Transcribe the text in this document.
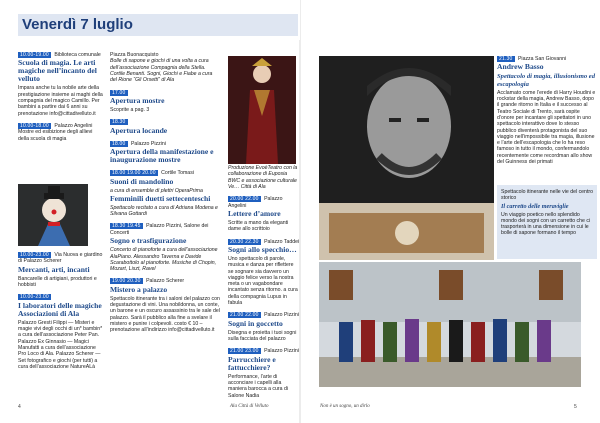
Venerdì 7 luglio
10.00-19.00 Biblioteca comunale
Scuola di magia. Le arti magiche nell’incanto del velluto
Impara anche tu la nobile arte della prestigiazione insieme ai maghi della compagnia del magico Camillo. Per bambini a partire dai 6 anni su prenotazione info@cittadivelluto.it
10.00-18.00 Palazzo Angelini
Mostre ed esibizione degli allievi della scuola di magia
10.00-23.00 Via Nuova e giardino di Palazzo Scherer
Mercanti, arti, incanti
Bancarelle di artigiani, produttori e hobbisti
10.00-23.00
I laboratori delle magiche Associazioni di Ala
Palazzo Gresti Filippi — Misteri e magie vivi degli occhi di un* bambin* a cura dell’associazione Peter Pan. Palazzo Ex Ginnasio — Magici Manufatti a cura dell’associazione Pro Loco di Ala. Palazzo Scherer — Set fotografico e giochi (per tutti) a cura dell’associazione NatureALà
Piazza Buonacquisto
Bolle di sapone e giochi di una volta a cura dell’associazione Compagnia della Stella. Cortile Benanti. Sogni, Giochi e Fiabe a cura del Rione “Gli Orsetti” di Ala
17.00
Apertura mostre
Scoprite a pag. 3
18.30
Apertura locande
18.00 Palazzo Pizzini
Apertura della manifestazione e inaugurazione mostre
18.00 19.00 20.00 Cortile Tomasi
Suoni di mandolino
a cura di ensemble di plettri OperaPrima
Femminili duetti settecenteschi
Spettacolo recitato a cura di Adriana Modena e Silvana Gottardi
18.30 19.45 Palazzo Pizzini, Salone dei Concerti
Sogno e trasfigurazione
Concerto di pianoforte a cura dell’associazione AlaPiano. Alessandro Taverna e Davide Scarabottolo al pianoforte. Musiche di Chopin, Mozart, Liszt, Ravel
19.00 20.30 Palazzo Scherer
Mistero a palazzo
Spettacolo itinerante tra i saloni del palazzo con degustazione di vini. Una nobildonna, un conte, un barone e un oscuro assassinio tra le sale del palazzo. Sarà il pubblico alla fine a svelare il mistero e punire i colpevoli. costo € 10 – prenotazione all’indirizzo info@cittadivelluto.it
Produzione EvoèTeatro con la collaborazione di Euposia BWC e associazione culturale Ve… Città di Ala
20.00 22.00 Palazzo Angelini
Lettere d’amore
Scritte a mano da eleganti dame allo scrittoio
20.30 22.30 Palazzo Taddei
Sogni allo specchio…
Uno spettacolo di parole, musica e danza per riflettere se sognare sia davvero un viaggio felice verso la nostra meta o un vagabondare incantato senza ritorno. a cura della compagnia Lupus in fabula
21.00 22.00 Palazzo Pizzini
Sogni in goccetto
Disegna e proietta i tuoi sogni sulla facciata del palazzo
21.00 23.00 Palazzo Pizzini
Parrucchiere e fattucchiere?
Performance, l’arte di acconciare i capelli alla maniera barocca a cura di Salone Nadia
21.30 Piazza San Giovanni
Andrew Basso
Spettacolo di magia, illusionismo ed escapologia
Acclamato come l’erede di Harry Houdini e rockstar della magia, Andrew Basso, dopo il grande ritorno in Italia e il successo al Teatro Sociale di Trento, sarà ospite d’onore per incantare gli spettatori in uno spettacolo interattivo dove lo stesso pubblico diventerà protagonista del suo viaggio nell’impossibile tra magia, illusione e l’arte dell’escapologia che lo ha reso famoso in tutto il mondo, confermandolo recentemente come recordman allo show del Guinness dei primati
Spettacolo itinerante nelle vie del centro storico
Il carretto delle meraviglie
Un viaggio poetico nello splendido mondo dei sogni con un carretto che ci trasporterà in una dimensione in cui le bolle di sapone formano il tempo
4	Ala Città di Velluto	Non è un sogno, un dirlo	5
